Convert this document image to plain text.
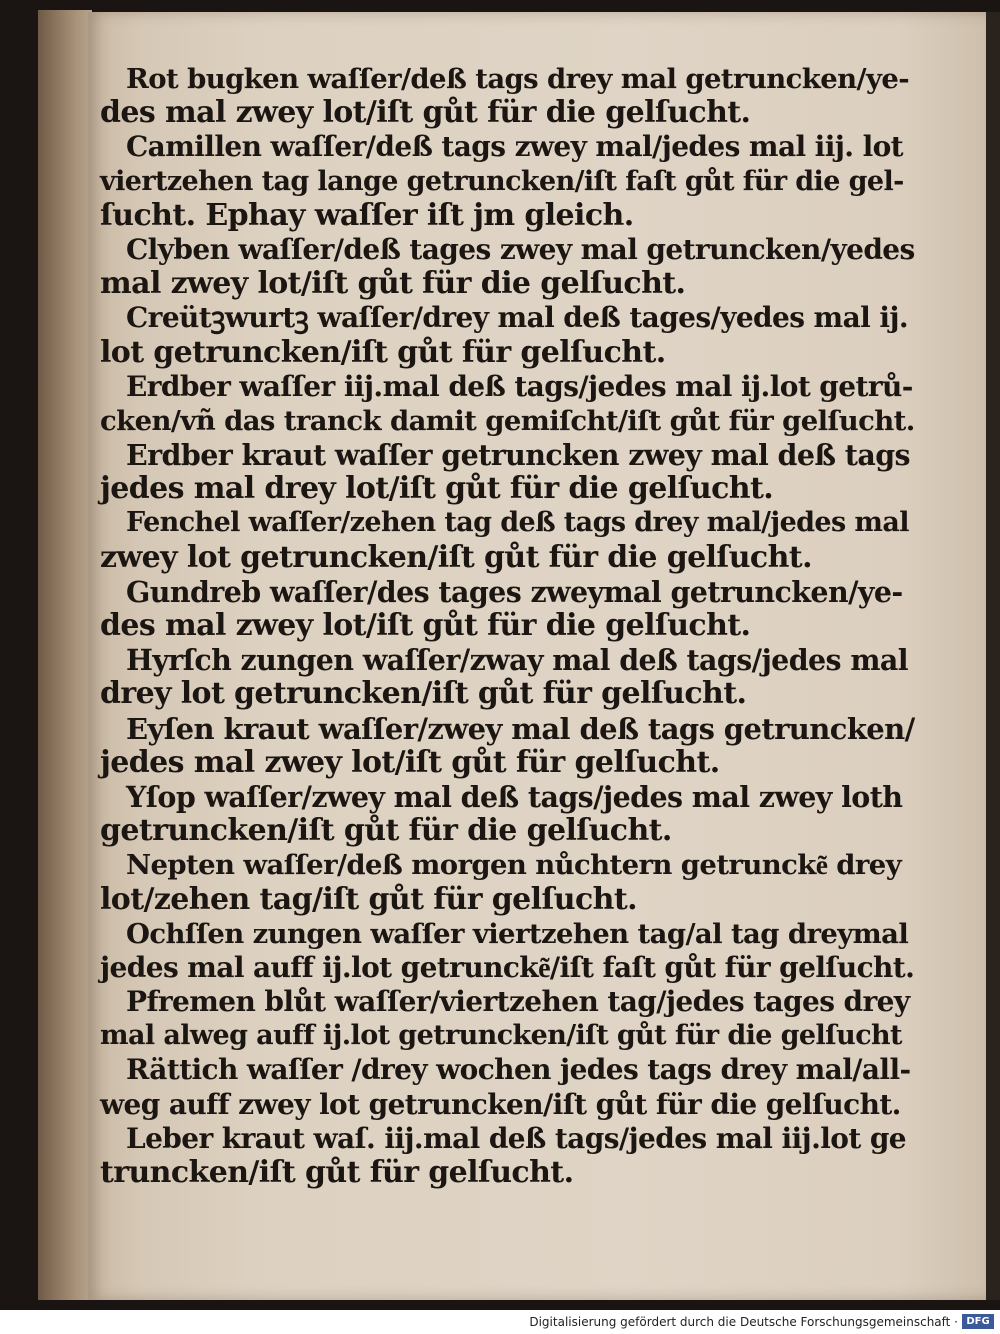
Rot bugken waſſer/deß tags drey mal getruncken/ye-
des mal zwey lot/iſt gůt für die gelſucht.
Camillen waſſer/deß tags zwey mal/jedes mal iij. lot
viertzehen tag lange getruncken/iſt faſt gůt für die gel-
ſucht. Ephay waſſer iſt jm gleich.
Clyben waſſer/deß tages zwey mal getruncken/yedes
mal zwey lot/iſt gůt für die gelſucht.
Creütꝫwurtꝫ waſſer/drey mal deß tages/yedes mal ij.
lot getruncken/iſt gůt für gelſucht.
Erdber waſſer iij.mal deß tags/jedes mal ij.lot getrů-
cken/vñ das tranck damit gemiſcht/iſt gůt für gelſucht.
Erdber kraut waſſer getruncken zwey mal deß tags
jedes mal drey lot/iſt gůt für die gelſucht.
Fenchel waſſer/zehen tag deß tags drey mal/jedes mal
zwey lot getruncken/iſt gůt für die gelſucht.
Gundreb waſſer/des tages zweymal getruncken/ye-
des mal zwey lot/iſt gůt für die gelſucht.
Hyrſch zungen waſſer/zway mal deß tags/jedes mal
drey lot getruncken/iſt gůt für gelſucht.
Eyſen kraut waſſer/zwey mal deß tags getruncken/
jedes mal zwey lot/iſt gůt für gelſucht.
Yſop waſſer/zwey mal deß tags/jedes mal zwey loth
getruncken/iſt gůt für die gelſucht.
Nepten waſſer/deß morgen nůchtern getruncke͂ drey
lot/zehen tag/iſt gůt für gelſucht.
Ochſſen zungen waſſer viertzehen tag/al tag dreymal
jedes mal auff ij.lot getruncke͂/iſt faſt gůt für gelſucht.
Pfremen blůt waſſer/viertzehen tag/jedes tages drey
mal alweg auff ij.lot getruncken/iſt gůt für die gelſucht
Rättich waſſer /drey wochen jedes tags drey mal/all-
weg auff zwey lot getruncken/iſt gůt für die gelſucht.
Leber kraut waſ. iij.mal deß tags/jedes mal iij.lot ge
truncken/iſt gůt für gelſucht.
Digitalisierung gefördert durch die Deutsche Forschungsgemeinschaft · DFG
